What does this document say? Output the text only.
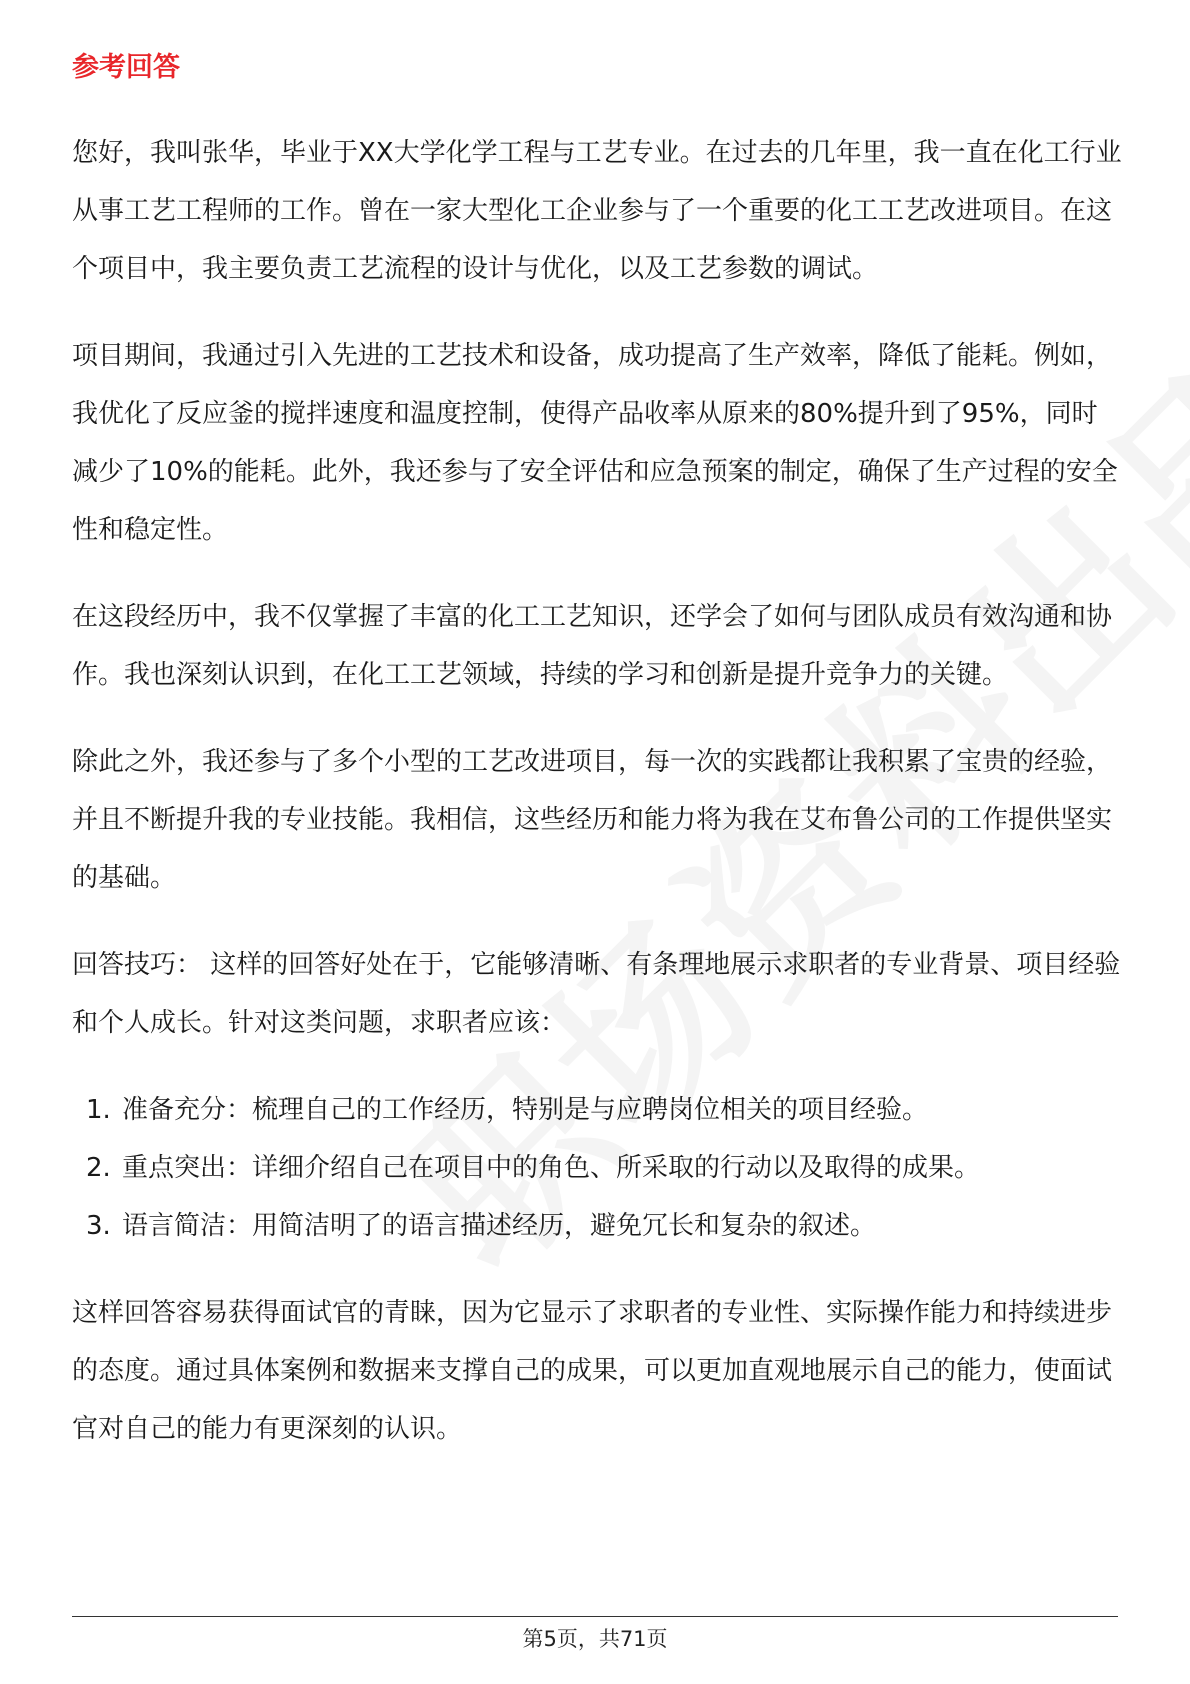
参考回答

您好，我叫张华，毕业于XX大学化学工程与工艺专业。在过去的几年里，我一直在化工行业从事工艺工程师的工作。曾在一家大型化工企业参与了一个重要的化工工艺改进项目。在这个项目中，我主要负责工艺流程的设计与优化，以及工艺参数的调试。

项目期间，我通过引入先进的工艺技术和设备，成功提高了生产效率，降低了能耗。例如，我优化了反应釜的搅拌速度和温度控制，使得产品收率从原来的80%提升到了95%，同时减少了10%的能耗。此外，我还参与了安全评估和应急预案的制定，确保了生产过程的安全性和稳定性。

在这段经历中，我不仅掌握了丰富的化工工艺知识，还学会了如何与团队成员有效沟通和协作。我也深刻认识到，在化工工艺领域，持续的学习和创新是提升竞争力的关键。

除此之外，我还参与了多个小型的工艺改进项目，每一次的实践都让我积累了宝贵的经验，并且不断提升我的专业技能。我相信，这些经历和能力将为我在艾布鲁公司的工作提供坚实的基础。

回答技巧： 这样的回答好处在于，它能够清晰、有条理地展示求职者的专业背景、项目经验和个人成长。针对这类问题，求职者应该：

1. 准备充分：梳理自己的工作经历，特别是与应聘岗位相关的项目经验。
2. 重点突出：详细介绍自己在项目中的角色、所采取的行动以及取得的成果。
3. 语言简洁：用简洁明了的语言描述经历，避免冗长和复杂的叙述。

这样回答容易获得面试官的青睐，因为它显示了求职者的专业性、实际操作能力和持续进步的态度。通过具体案例和数据来支撑自己的成果，可以更加直观地展示自己的能力，使面试官对自己的能力有更深刻的认识。

第5页，共71页
